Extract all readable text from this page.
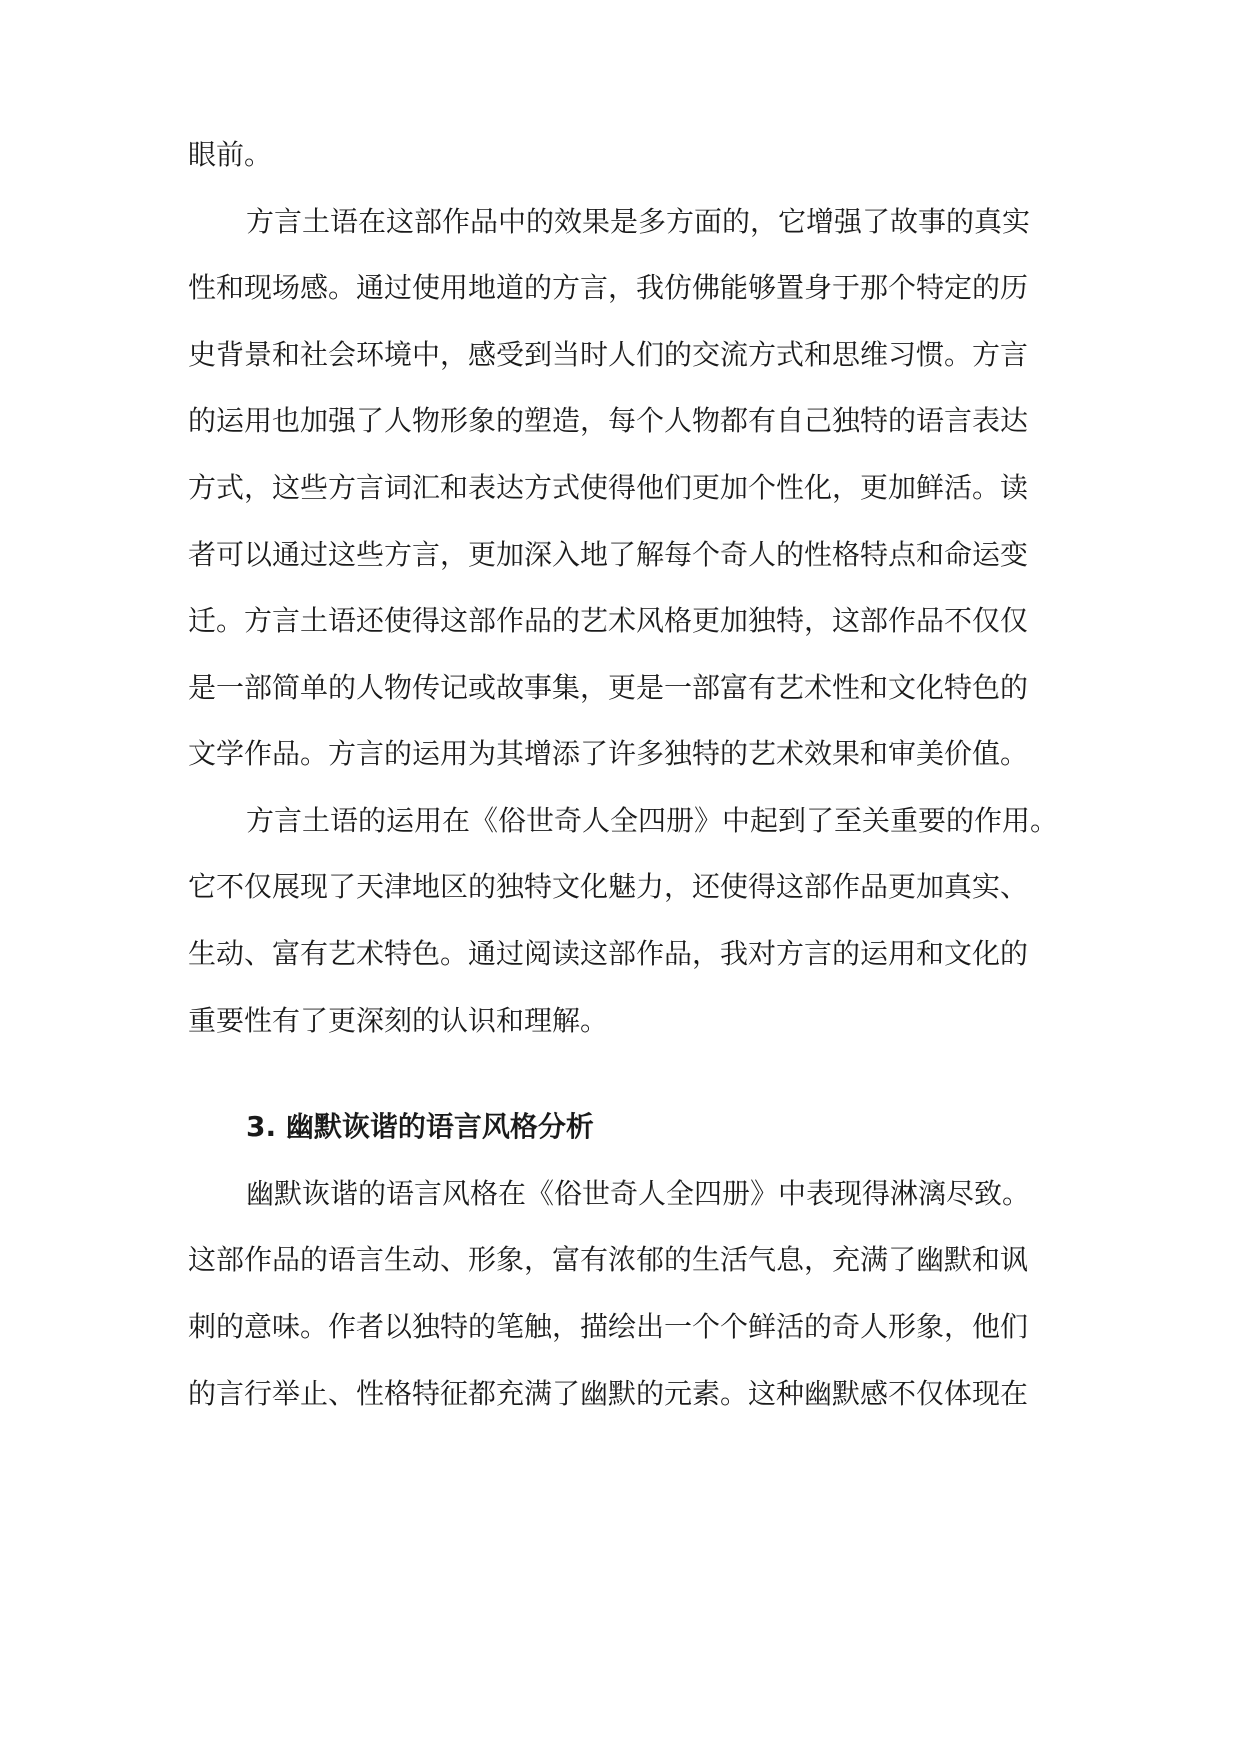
眼前。
方言土语在这部作品中的效果是多方面的，它增强了故事的真实
性和现场感。通过使用地道的方言，我仿佛能够置身于那个特定的历
史背景和社会环境中，感受到当时人们的交流方式和思维习惯。方言
的运用也加强了人物形象的塑造，每个人物都有自己独特的语言表达
方式，这些方言词汇和表达方式使得他们更加个性化，更加鲜活。读
者可以通过这些方言，更加深入地了解每个奇人的性格特点和命运变
迁。方言土语还使得这部作品的艺术风格更加独特，这部作品不仅仅
是一部简单的人物传记或故事集，更是一部富有艺术性和文化特色的
文学作品。方言的运用为其增添了许多独特的艺术效果和审美价值。
方言土语的运用在《俗世奇人全四册》中起到了至关重要的作用。
它不仅展现了天津地区的独特文化魅力，还使得这部作品更加真实、
生动、富有艺术特色。通过阅读这部作品，我对方言的运用和文化的
重要性有了更深刻的认识和理解。
3. 幽默诙谐的语言风格分析
幽默诙谐的语言风格在《俗世奇人全四册》中表现得淋漓尽致。
这部作品的语言生动、形象，富有浓郁的生活气息，充满了幽默和讽
刺的意味。作者以独特的笔触，描绘出一个个鲜活的奇人形象，他们
的言行举止、性格特征都充满了幽默的元素。这种幽默感不仅体现在
